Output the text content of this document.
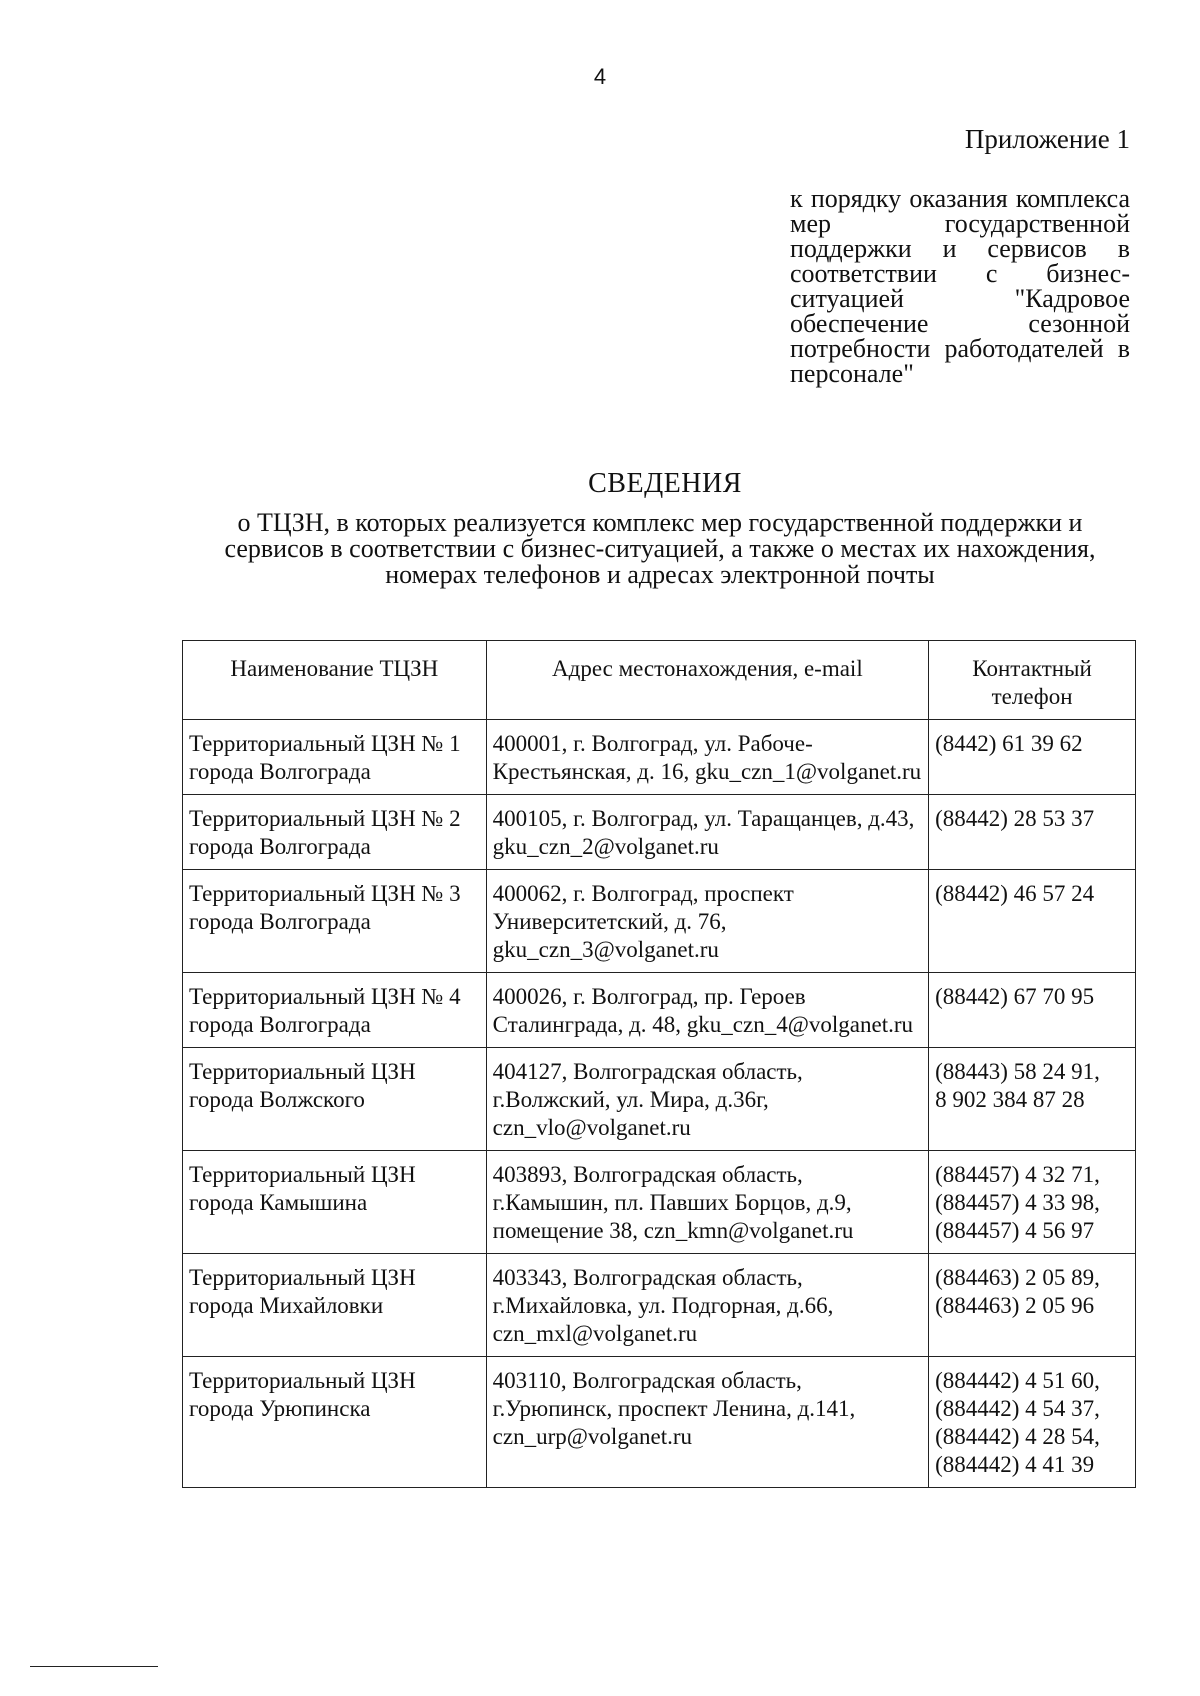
4
Приложение 1
к порядку оказания комплекса мер государственной поддержки и сервисов в соответствии с бизнес-ситуацией "Кадровое обеспечение сезонной потребности работодателей в персонале"
СВЕДЕНИЯ
о ТЦЗН, в которых реализуется комплекс мер государственной поддержки и сервисов в соответствии с бизнес-ситуацией, а также о местах их нахождения, номерах телефонов и адресах электронной почты
Наименование ТЦЗН	Адрес местонахождения, e-mail	Контактный телефон
Территориальный ЦЗН № 1 города Волгограда	400001, г. Волгоград, ул. Рабоче-Крестьянская, д. 16, gku_czn_1@volganet.ru	(8442) 61 39 62

Территориальный ЦЗН № 2 города Волгограда	400105, г. Волгоград, ул. Таращанцев, д.43, gku_czn_2@volganet.ru	(88442) 28 53 37

Территориальный ЦЗН № 3 города Волгограда	400062, г. Волгоград, проспект Университетский, д. 76, gku_czn_3@volganet.ru	(88442) 46 57 24

Территориальный ЦЗН № 4 города Волгограда	400026, г. Волгоград, пр. Героев Сталинграда, д. 48, gku_czn_4@volganet.ru	(88442) 67 70 95

Территориальный ЦЗН города Волжского	404127, Волгоградская область, г.Волжский, ул. Мира, д.36г, czn_vlo@volganet.ru	(88443) 58 24 91,
8 902 384 87 28

Территориальный ЦЗН города Камышина	403893, Волгоградская область, г.Камышин, пл. Павших Борцов, д.9, помещение 38, czn_kmn@volganet.ru	(884457) 4 32 71,
(884457) 4 33 98,
(884457) 4 56 97

Территориальный ЦЗН города Михайловки	403343, Волгоградская область, г.Михайловка, ул. Подгорная, д.66, czn_mxl@volganet.ru	(884463) 2 05 89,
(884463) 2 05 96

Территориальный ЦЗН города Урюпинска	403110, Волгоградская область, г.Урюпинск, проспект Ленина, д.141, czn_urp@volganet.ru	(884442) 4 51 60,
(884442) 4 54 37,
(884442) 4 28 54,
(884442) 4 41 39
